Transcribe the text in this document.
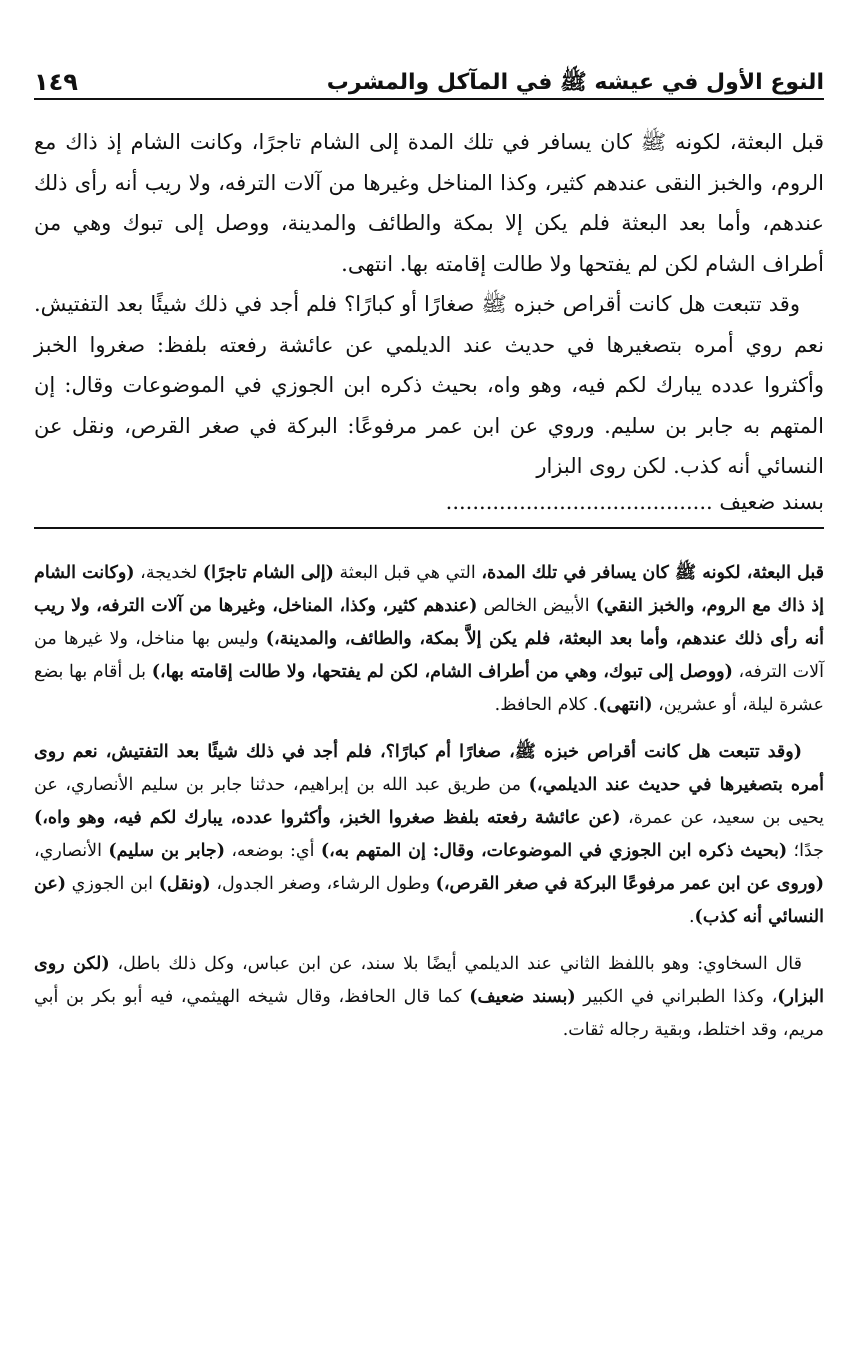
النوع الأول في عيشه ﷺ في المآكل والمشرب
١٤٩

قبل البعثة، لكونه ﷺ كان يسافر في تلك المدة إلى الشام تاجرًا، وكانت الشام إذ ذاك مع الروم، والخبز النقى عندهم كثير، وكذا المناخل وغيرها من آلات الترفه، ولا ريب أنه رأى ذلك عندهم، وأما بعد البعثة فلم يكن إلا بمكة والطائف والمدينة، ووصل إلى تبوك وهي من أطراف الشام لكن لم يفتحها ولا طالت إقامته بها. انتهى.

وقد تتبعت هل كانت أقراص خبزه ﷺ صغارًا أو كبارًا؟ فلم أجد في ذلك شيئًا بعد التفتيش. نعم روي أمره بتصغيرها في حديث عند الديلمي عن عائشة رفعته بلفظ: صغروا الخبز وأكثروا عدده يبارك لكم فيه، وهو واه، بحيث ذكره ابن الجوزي في الموضوعات وقال: إن المتهم به جابر بن سليم. وروي عن ابن عمر مرفوعًا: البركة في صغر القرص، ونقل عن النسائي أنه كذب. لكن روى البزار

بسند ضعيف ........................................

قبل البعثة، لكونه ﷺ كان يسافر في تلك المدة، التي هي قبل البعثة (إلى الشام تاجرًا) لخديجة، (وكانت الشام إذ ذاك مع الروم، والخبز النقي) الأبيض الخالص (عندهم كثير، وكذا، المناخل، وغيرها من آلات الترفه، ولا ريب أنه رأى ذلك عندهم، وأما بعد البعثة، فلم يكن إلاَّ بمكة، والطائف، والمدينة،) وليس بها مناخل، ولا غيرها من آلات الترفه، (ووصل إلى تبوك، وهي من أطراف الشام، لكن لم يفتحها، ولا طالت إقامته بها،) بل أقام بها بضع عشرة ليلة، أو عشرين، (انتهى). كلام الحافظ.

(وقد تتبعت هل كانت أقراص خبزه ﷺ، صغارًا أم كبارًا؟، فلم أجد في ذلك شيئًا بعد التفتيش، نعم روى أمره بتصغيرها في حديث عند الديلمي،) من طريق عبد الله بن إبراهيم، حدثنا جابر بن سليم الأنصاري، عن يحيى بن سعيد، عن عمرة، (عن عائشة رفعته بلفظ صغروا الخبز، وأكثروا عدده، يبارك لكم فيه، وهو واه،) جدًا؛ (بحيث ذكره ابن الجوزي في الموضوعات، وقال: إن المتهم به،) أي: بوضعه، (جابر بن سليم) الأنصاري، (وروى عن ابن عمر مرفوعًا البركة في صغر القرص،) وطول الرشاء، وصغر الجدول، (ونقل) ابن الجوزي (عن النسائي أنه كذب).

قال السخاوي: وهو باللفظ الثاني عند الديلمي أيضًا بلا سند، عن ابن عباس، وكل ذلك باطل، (لكن روى البزار)، وكذا الطبراني في الكبير (بسند ضعيف) كما قال الحافظ، وقال شيخه الهيثمي، فيه أبو بكر بن أبي مريم، وقد اختلط، وبقية رجاله ثقات.
